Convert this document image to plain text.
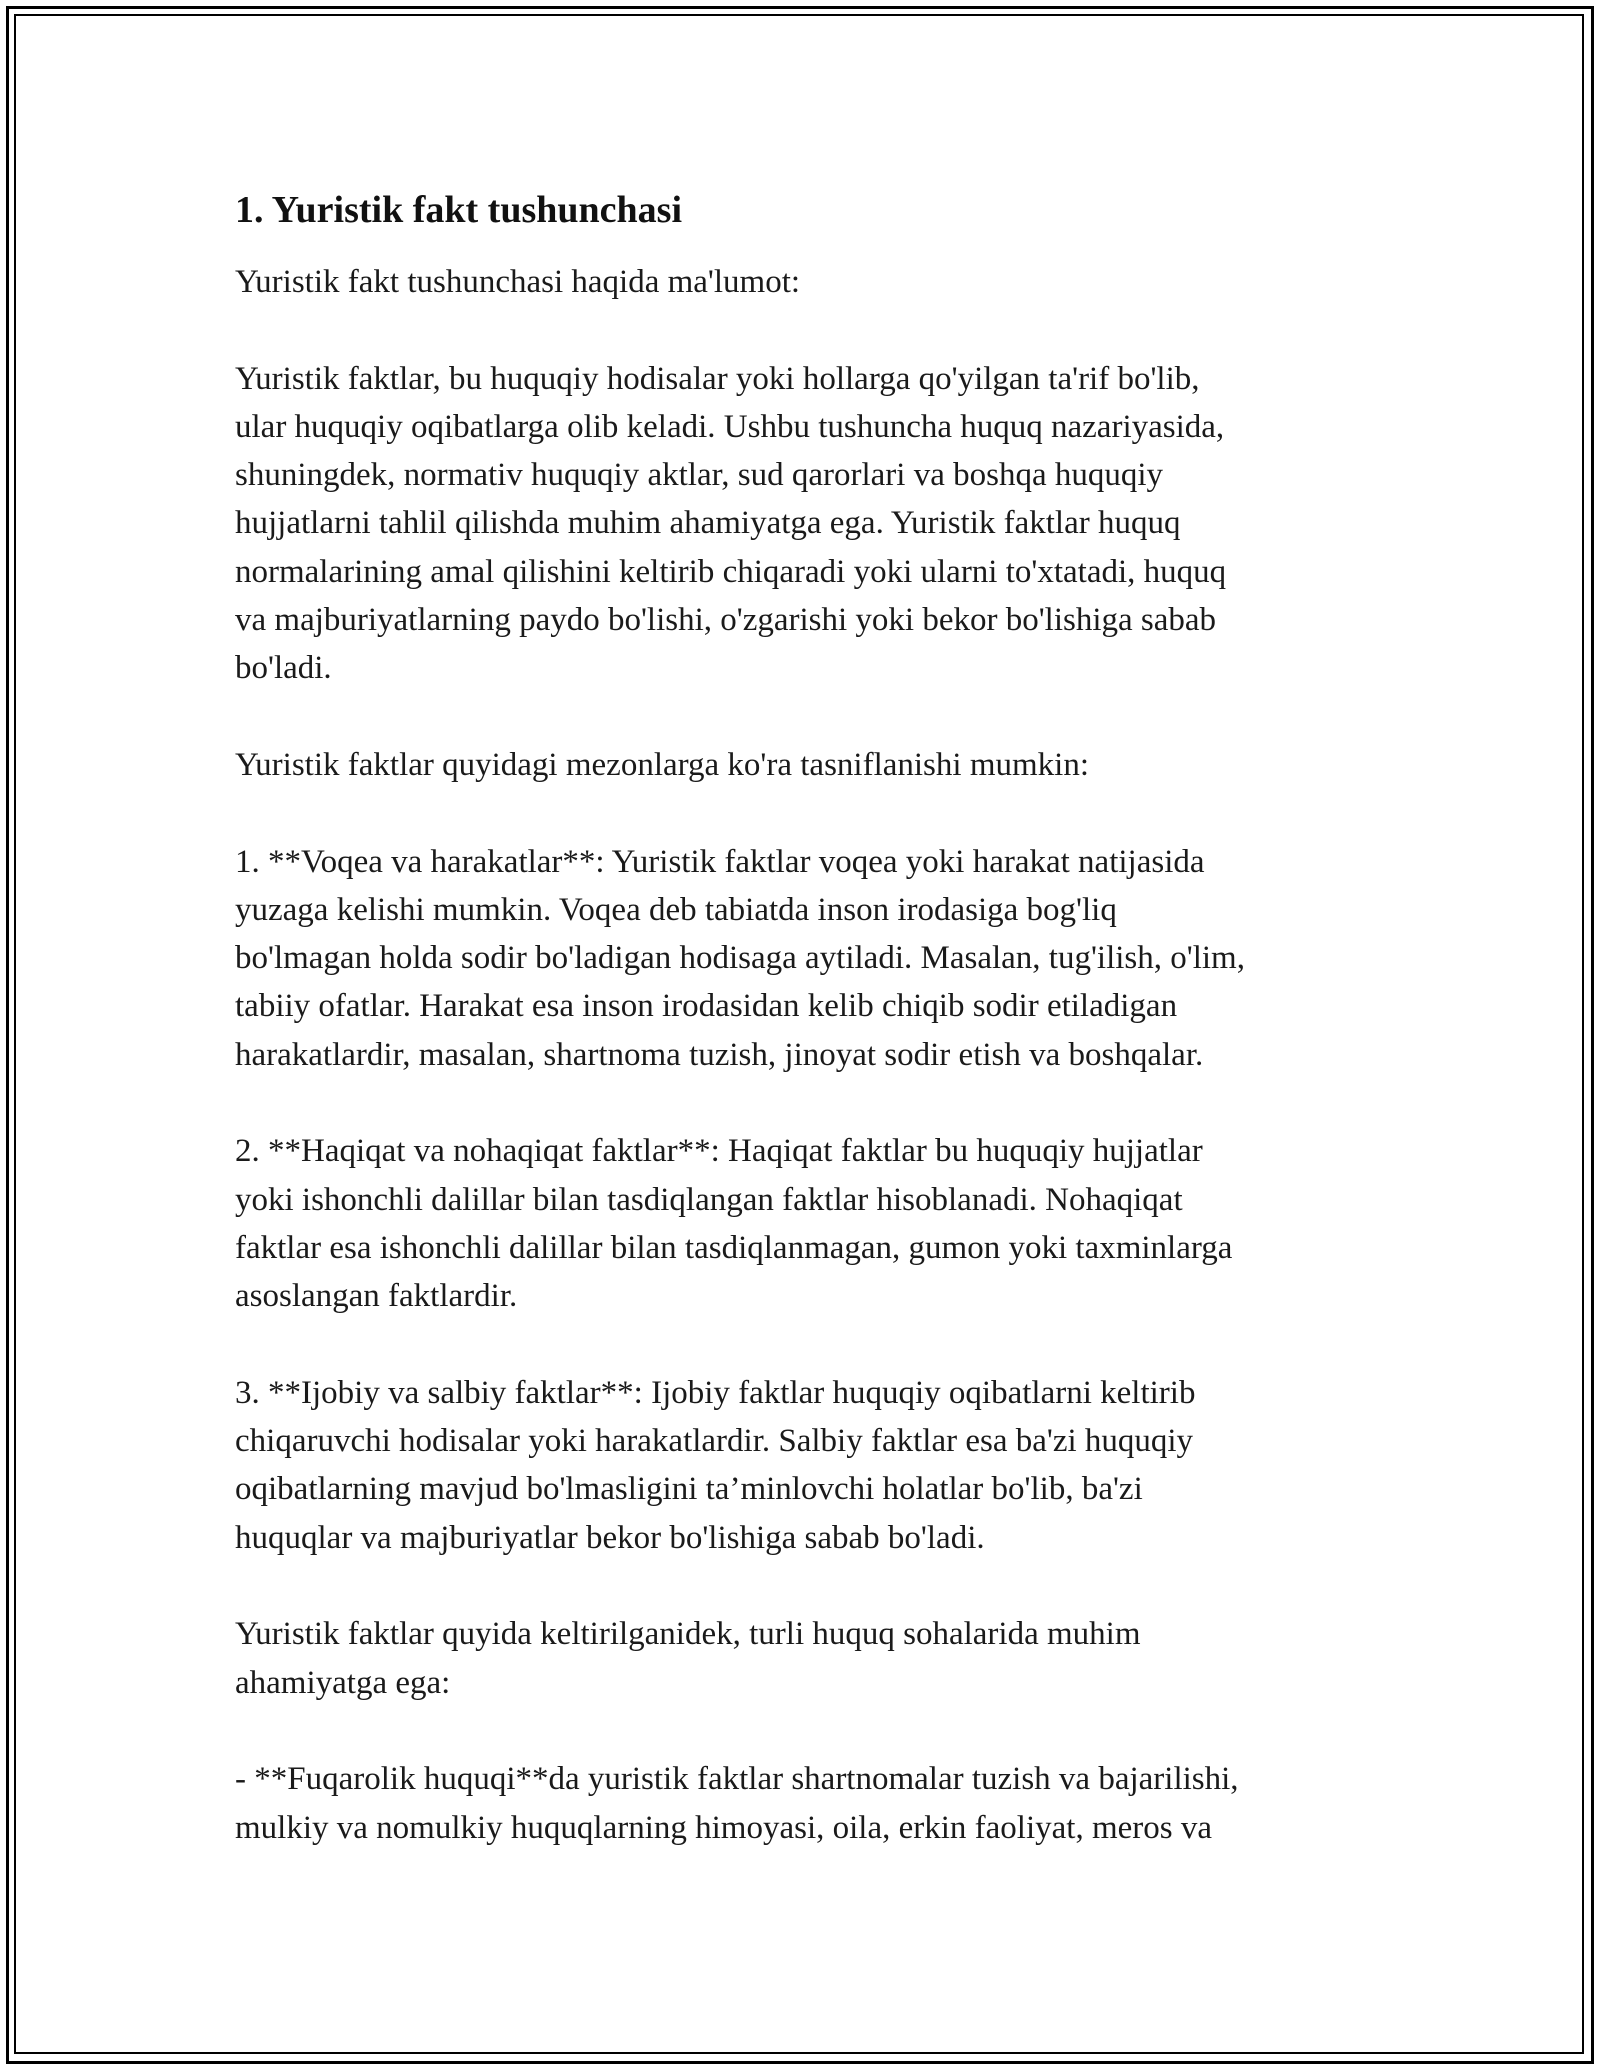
1. Yuristik fakt tushunchasi

Yuristik fakt tushunchasi haqida ma'lumot:

Yuristik faktlar, bu huquqiy hodisalar yoki hollarga qo'yilgan ta'rif bo'lib,
ular huquqiy oqibatlarga olib keladi. Ushbu tushuncha huquq nazariyasida,
shuningdek, normativ huquqiy aktlar, sud qarorlari va boshqa huquqiy
hujjatlarni tahlil qilishda muhim ahamiyatga ega. Yuristik faktlar huquq
normalarining amal qilishini keltirib chiqaradi yoki ularni to'xtatadi, huquq
va majburiyatlarning paydo bo'lishi, o'zgarishi yoki bekor bo'lishiga sabab
bo'ladi.

Yuristik faktlar quyidagi mezonlarga ko'ra tasniflanishi mumkin:

1. **Voqea va harakatlar**: Yuristik faktlar voqea yoki harakat natijasida
yuzaga kelishi mumkin. Voqea deb tabiatda inson irodasiga bog'liq
bo'lmagan holda sodir bo'ladigan hodisaga aytiladi. Masalan, tug'ilish, o'lim,
tabiiy ofatlar. Harakat esa inson irodasidan kelib chiqib sodir etiladigan
harakatlardir, masalan, shartnoma tuzish, jinoyat sodir etish va boshqalar.

2. **Haqiqat va nohaqiqat faktlar**: Haqiqat faktlar bu huquqiy hujjatlar
yoki ishonchli dalillar bilan tasdiqlangan faktlar hisoblanadi. Nohaqiqat
faktlar esa ishonchli dalillar bilan tasdiqlanmagan, gumon yoki taxminlarga
asoslangan faktlardir.

3. **Ijobiy va salbiy faktlar**: Ijobiy faktlar huquqiy oqibatlarni keltirib
chiqaruvchi hodisalar yoki harakatlardir. Salbiy faktlar esa ba'zi huquqiy
oqibatlarning mavjud bo'lmasligini ta’minlovchi holatlar bo'lib, ba'zi
huquqlar va majburiyatlar bekor bo'lishiga sabab bo'ladi.

Yuristik faktlar quyida keltirilganidek, turli huquq sohalarida muhim
ahamiyatga ega:

- **Fuqarolik huquqi**da yuristik faktlar shartnomalar tuzish va bajarilishi,
mulkiy va nomulkiy huquqlarning himoyasi, oila, erkin faoliyat, meros va
